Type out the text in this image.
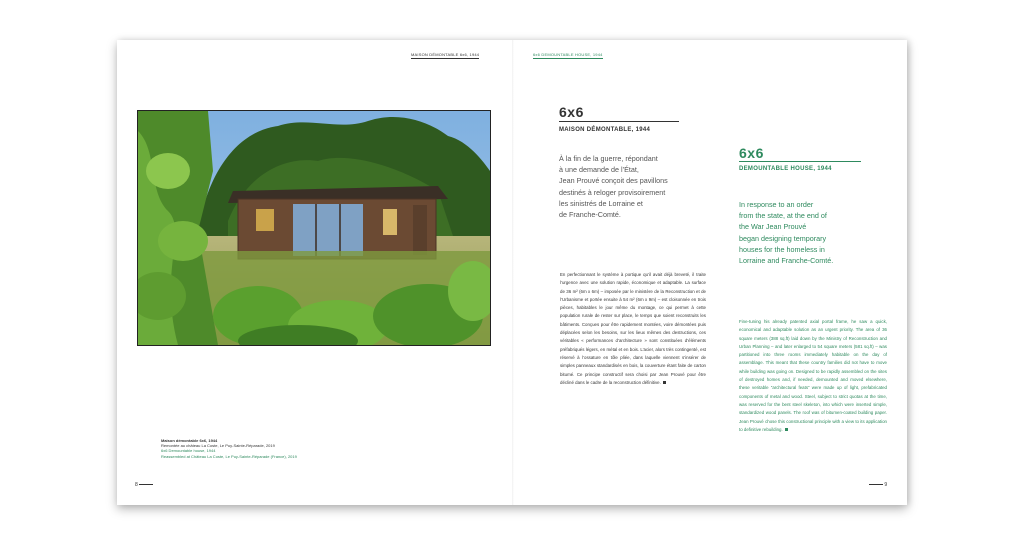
MAISON DÉMONTABLE 6x6, 1944	6x6 DEMOUNTABLE HOUSE, 1944
Maison démontable 6x6, 1944
Remontée au château La Coste, Le Puy-Sainte-Réparade, 2019
6x6 Demountable house, 1944
Reassembled at Château La Coste, Le Puy-Sainte-Réparade (France), 2019
8	9
6x6
MAISON DÉMONTABLE, 1944
À la fin de la guerre, répondant
à une demande de l’État,
Jean Prouvé conçoit des pavillons
destinés à reloger provisoirement
les sinistrés de Lorraine et
de Franche-Comté.
En perfectionnant le système à portique qu’il avait déjà breveté, il traite l’urgence avec une solution rapide, économique et adaptable. La surface de 36 m² (6m x 6m) – imposée par le ministère de la Reconstruction et de l’Urbanisme et portée ensuite à 54 m² (6m x 9m) – est cloisonnée en trois pièces, habitables le jour même du montage, ce qui permet à cette population rurale de rester sur place, le temps que soient reconstruits les bâtiments. Conçues pour être rapidement montées, voire démontées puis déplacées selon les besoins, sur les lieux mêmes des destructions, ces véritables « performances d’architecture » sont constituées d’éléments préfabriqués légers, en métal et en bois. L’acier, alors très contingenté, est réservé à l’ossature en tôle pliée, dans laquelle viennent s’insérer de simples panneaux standardisés en bois, la couverture étant faite de carton bitumé. Ce principe constructif sera choisi par Jean Prouvé pour être décliné dans le cadre de la reconstruction définitive.
6x6
DEMOUNTABLE HOUSE, 1944
In response to an order
from the state, at the end of
the War Jean Prouvé
began designing temporary
houses for the homeless in
Lorraine and Franche-Comté.
Fine-tuning his already patented axial portal frame, he saw a quick, economical and adaptable solution as an urgent priority. The area of 36 square meters (388 sq.ft) laid down by the Ministry of Reconstruction and Urban Planning – and later enlarged to 54 square meters (581 sq.ft) – was partitioned into three rooms immediately habitable on the day of assemblage. This meant that these country families did not have to move while building was going on. Designed to be rapidly assembled on the sites of destroyed homes and, if needed, demounted and moved elsewhere, these veritable “architectural feats” were made up of light, prefabricated components of metal and wood. Steel, subject to strict quotas at the time, was reserved for the bent steel skeleton, into which were inserted simple, standardized wood panels. The roof was of bitumen-coated building paper. Jean Prouvé chose this constructional principle with a view to its application to definitive rebuilding.
